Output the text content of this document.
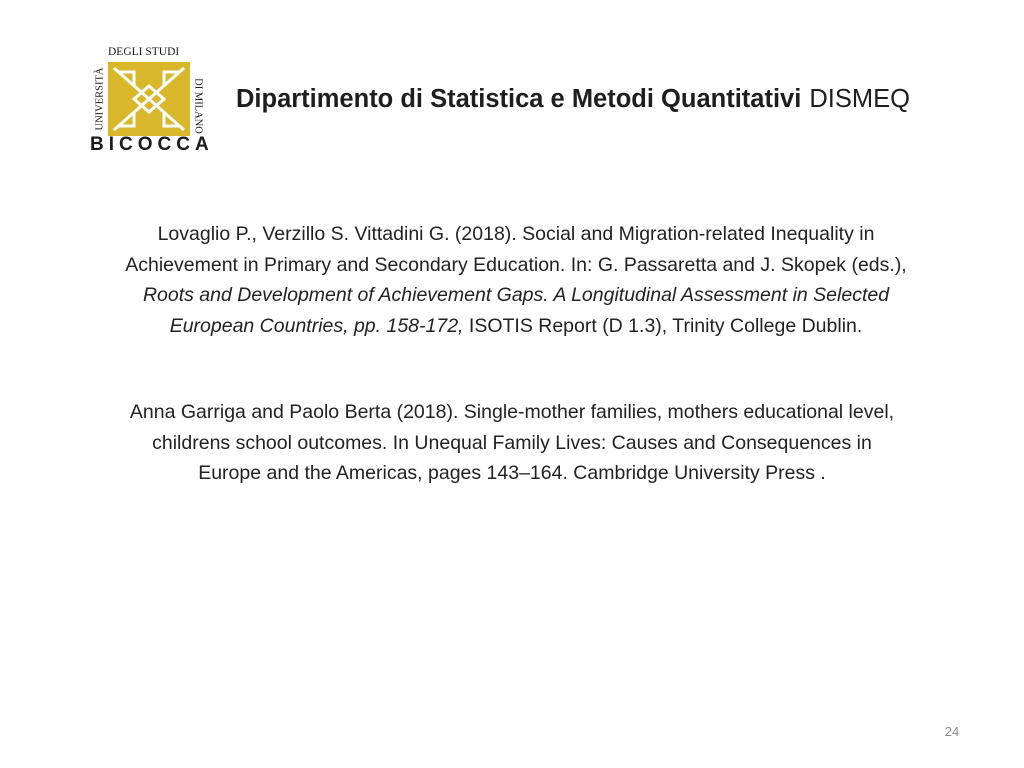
DEGLI STUDI
UNIVERSITÀ	DI MILANO
BICOCCA
Dipartimento di Statistica e Metodi Quantitativi DISMEQ

Lovaglio P., Verzillo S. Vittadini G. (2018). Social and Migration-related Inequality in

Achievement in Primary and Secondary Education. In: G. Passaretta and J. Skopek (eds.),

Roots and Development of Achievement Gaps. A Longitudinal Assessment in Selected

European Countries, pp. 158-172, ISOTIS Report (D 1.3), Trinity College Dublin.

Anna Garriga and Paolo Berta (2018). Single-mother families, mothers educational level,

childrens school outcomes. In Unequal Family Lives: Causes and Consequences in

Europe and the Americas, pages 143–164. Cambridge University Press .

24
